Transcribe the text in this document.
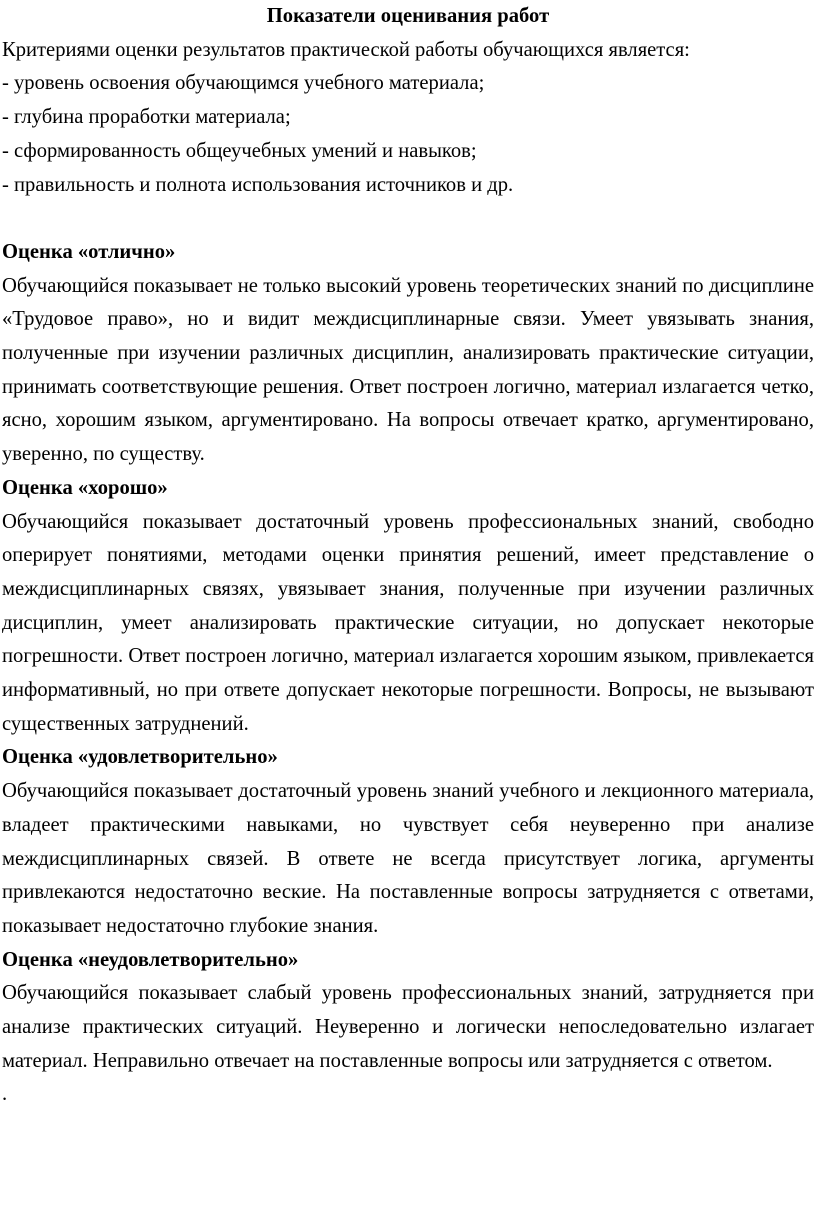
Показатели оценивания работ

Критериями оценки результатов практической работы обучающихся является:

- уровень освоения обучающимся учебного материала;

- глубина проработки материала;

- сформированность общеучебных умений и навыков;

- правильность и полнота использования источников и др.

Оценка «отлично»

Обучающийся показывает не только высокий уровень теоретических знаний по дисциплине «Трудовое право», но и видит междисциплинарные связи. Умеет увязывать знания, полученные при изучении различных дисциплин, анализировать практические ситуации, принимать соответствующие решения. Ответ построен логично, материал излагается четко, ясно, хорошим языком, аргументировано. На вопросы отвечает кратко, аргументировано, уверенно, по существу.

Оценка «хорошо»

Обучающийся показывает достаточный уровень профессиональных знаний, свободно оперирует понятиями, методами оценки принятия решений, имеет представление о междисциплинарных связях, увязывает знания, полученные при изучении различных дисциплин, умеет анализировать практические ситуации, но допускает некоторые погрешности. Ответ построен логично, материал излагается хорошим языком, привлекается информативный, но при ответе допускает некоторые погрешности. Вопросы, не вызывают существенных затруднений.

Оценка «удовлетворительно»

Обучающийся показывает достаточный уровень знаний учебного и лекционного материала, владеет практическими навыками, но чувствует себя неуверенно при анализе междисциплинарных связей. В ответе не всегда присутствует логика, аргументы привлекаются недостаточно веские. На поставленные вопросы затрудняется с ответами, показывает недостаточно глубокие знания.

Оценка «неудовлетворительно»

Обучающийся показывает слабый уровень профессиональных знаний, затрудняется при анализе практических ситуаций. Неуверенно и логически непоследовательно излагает материал. Неправильно отвечает на поставленные вопросы или затрудняется с ответом.

.
